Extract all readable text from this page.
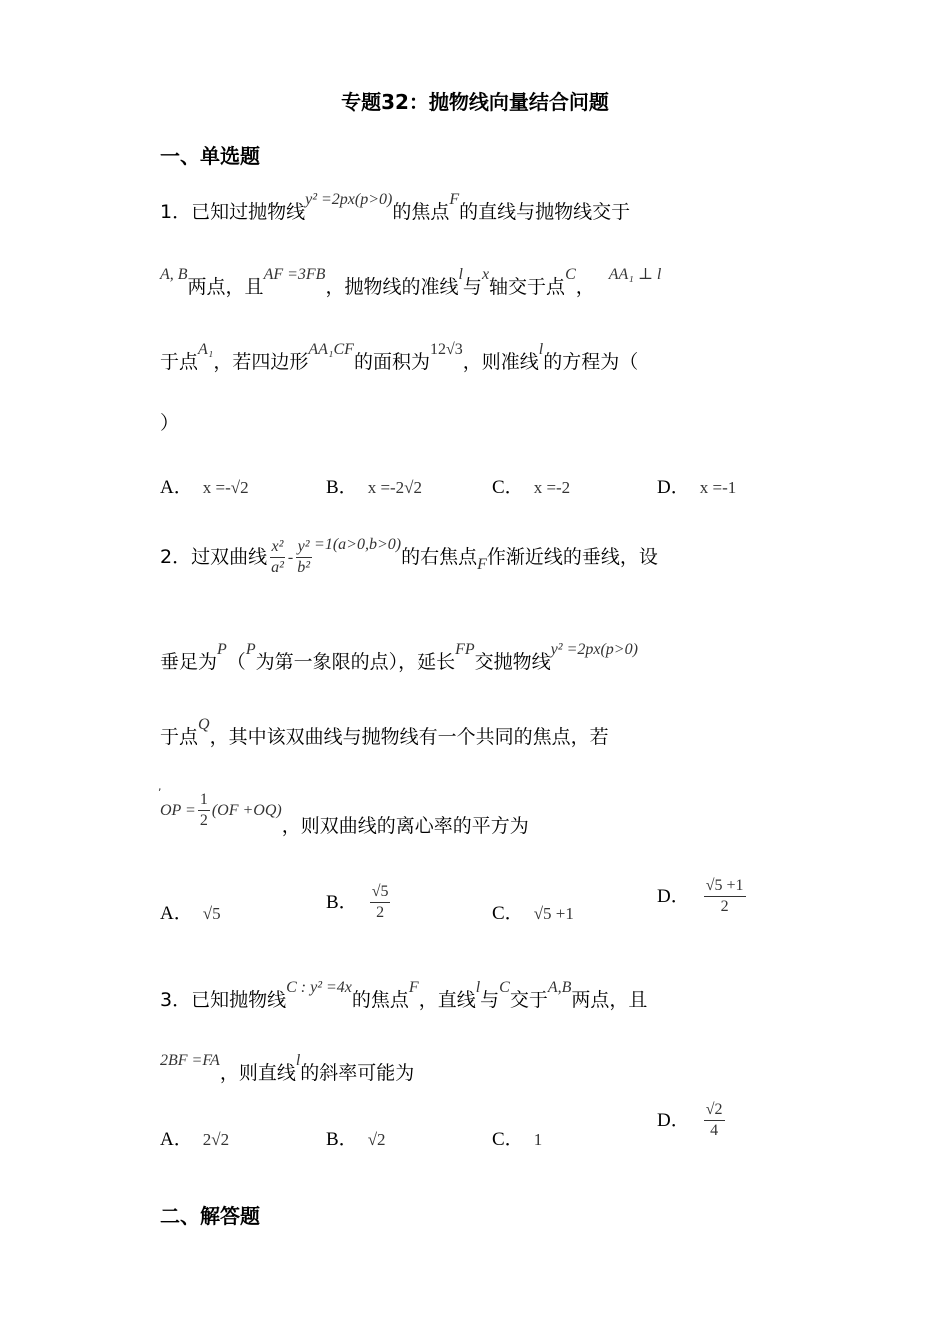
专题32：抛物线向量结合问题
一、单选题
1．已知过抛物线y² =2px(p>0)的焦点F的直线与抛物线交于
A, B两点，且AF =3FB，抛物线的准线l与x轴交于点C，AA₁ ⊥ l
于点A₁，若四边形AA₁CF的面积为12√3，则准线l的方程为（
）
A． x =-√2	B． x =-2√2	C． x =-2	D． x =-1
2．过双曲线 $\frac{\text{x²}}{\text{a²}} - \frac{\text{y²}}{\text{b²}} =1(a>0,b>0)$的右焦点F作渐近线的垂线，设
垂足为P（P为第一象限的点），延长FP交抛物线y² =2px(p>0)
于点Q，其中该双曲线与抛物线有一个共同的焦点，若
,
OP = $\frac{1}{2} (OF +OQ)$，则双曲线的离心率的平方为
A． √5
B． $\frac{√5}{2}$	C． √5 +1
D． $\frac{√5 +1}{2}$
3．已知抛物线C : y² =4x的焦点F，直线l与C交于A,B两点，且
2BF =FA，则直线l的斜率可能为
A． 2√2	B． √2	C． 1
D． $\frac{√2}{4}$
二、解答题
